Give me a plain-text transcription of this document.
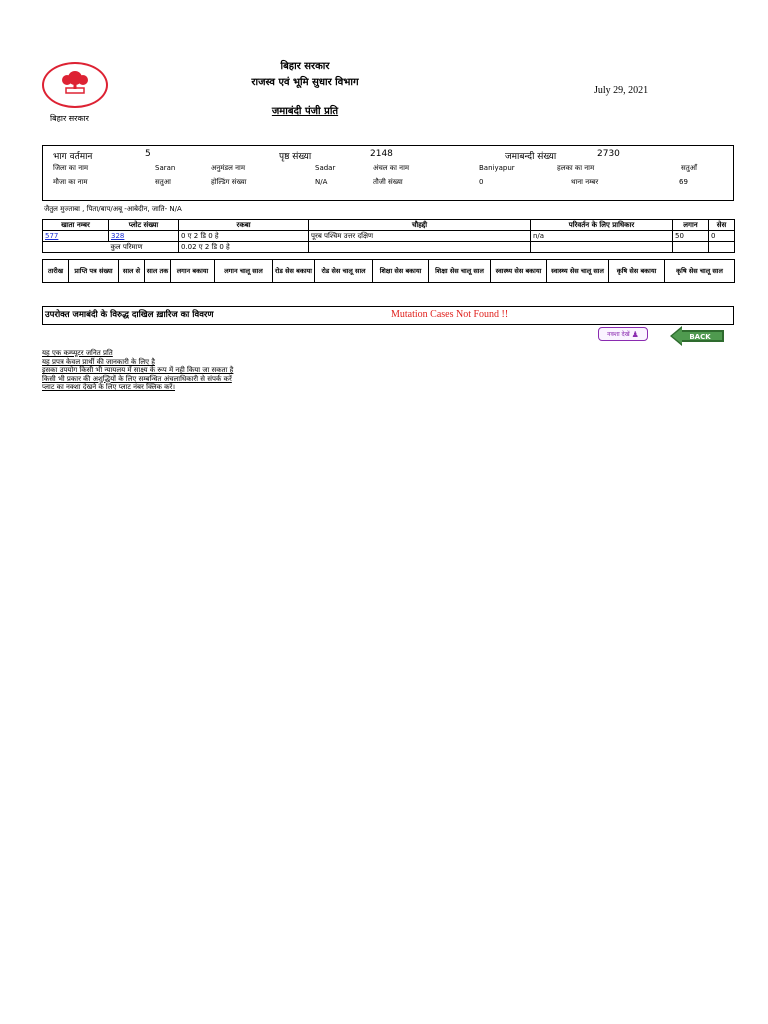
बिहार सरकार
बिहार सरकार
राजस्व एवं भूमि सुधार विभाग
जमाबंदी पंजी प्रति
July 29, 2021
भाग वर्तमान	5	पृष्ठ संख्या	2148	जमाबन्दी संख्या	2730
जिला का नाम	Saran	अनुमंडल नाम	Sadar	अंचल का नाम	Baniyapur	हलका का नाम	सतुआँ
मौजा का नाम	सतुआ	होल्डिंग संख्या	N/A	तौजी संख्या	0	थाना नम्बर	69
जैतुल मुज्ताबा , पिता/बाप/अबू -आबेदीन, जाति- N/A
खाता नम्बर	प्लोट संख्या	रकबा	चौहद्दी	परिवर्तन के लिए प्राधिकार	लगान	सेस
577	328	0 ए 2 डि 0 हे	पूरब पश्चिम उत्तर दक्षिण	n/a	50	0
	कुल परिमाण	0.02 ए 2 डि 0 हे				
तारीख	प्राप्ति पत्र संख्या	साल से	साल तक	लगान बकाया	लगान चालू साल	रोड सेस बकाया	रोड सेस चालू साल	शिक्षा सेस बकाया	शिक्षा सेस चालू साल	स्वास्थ्य सेस बकाया	स्वास्थ्य सेस चालू साल	कृषि सेस बकाया	कृषि सेस चालू साल
उपरोक्त जमाबंदी के विरुद्ध दाखिल ख़ारिज का विवरण	Mutation Cases Not Found !!
नक्शा देखें ♟	BACK
यह एक कम्प्यूटर जनित प्रति
यह प्रपत्र केवल प्रार्थी की जानकारी के लिए है
इसका उपयोग किसी भी न्यायलय में साक्ष्य के रूप में नही किया जा सकता है
किसी भी प्रकार की अशुद्धियों के लिए सम्बन्धित अंचलाधिकारी से संपर्क करें
प्लाट का नक्शा देखने के लिए प्लाट नंबर क्लिक करें।
